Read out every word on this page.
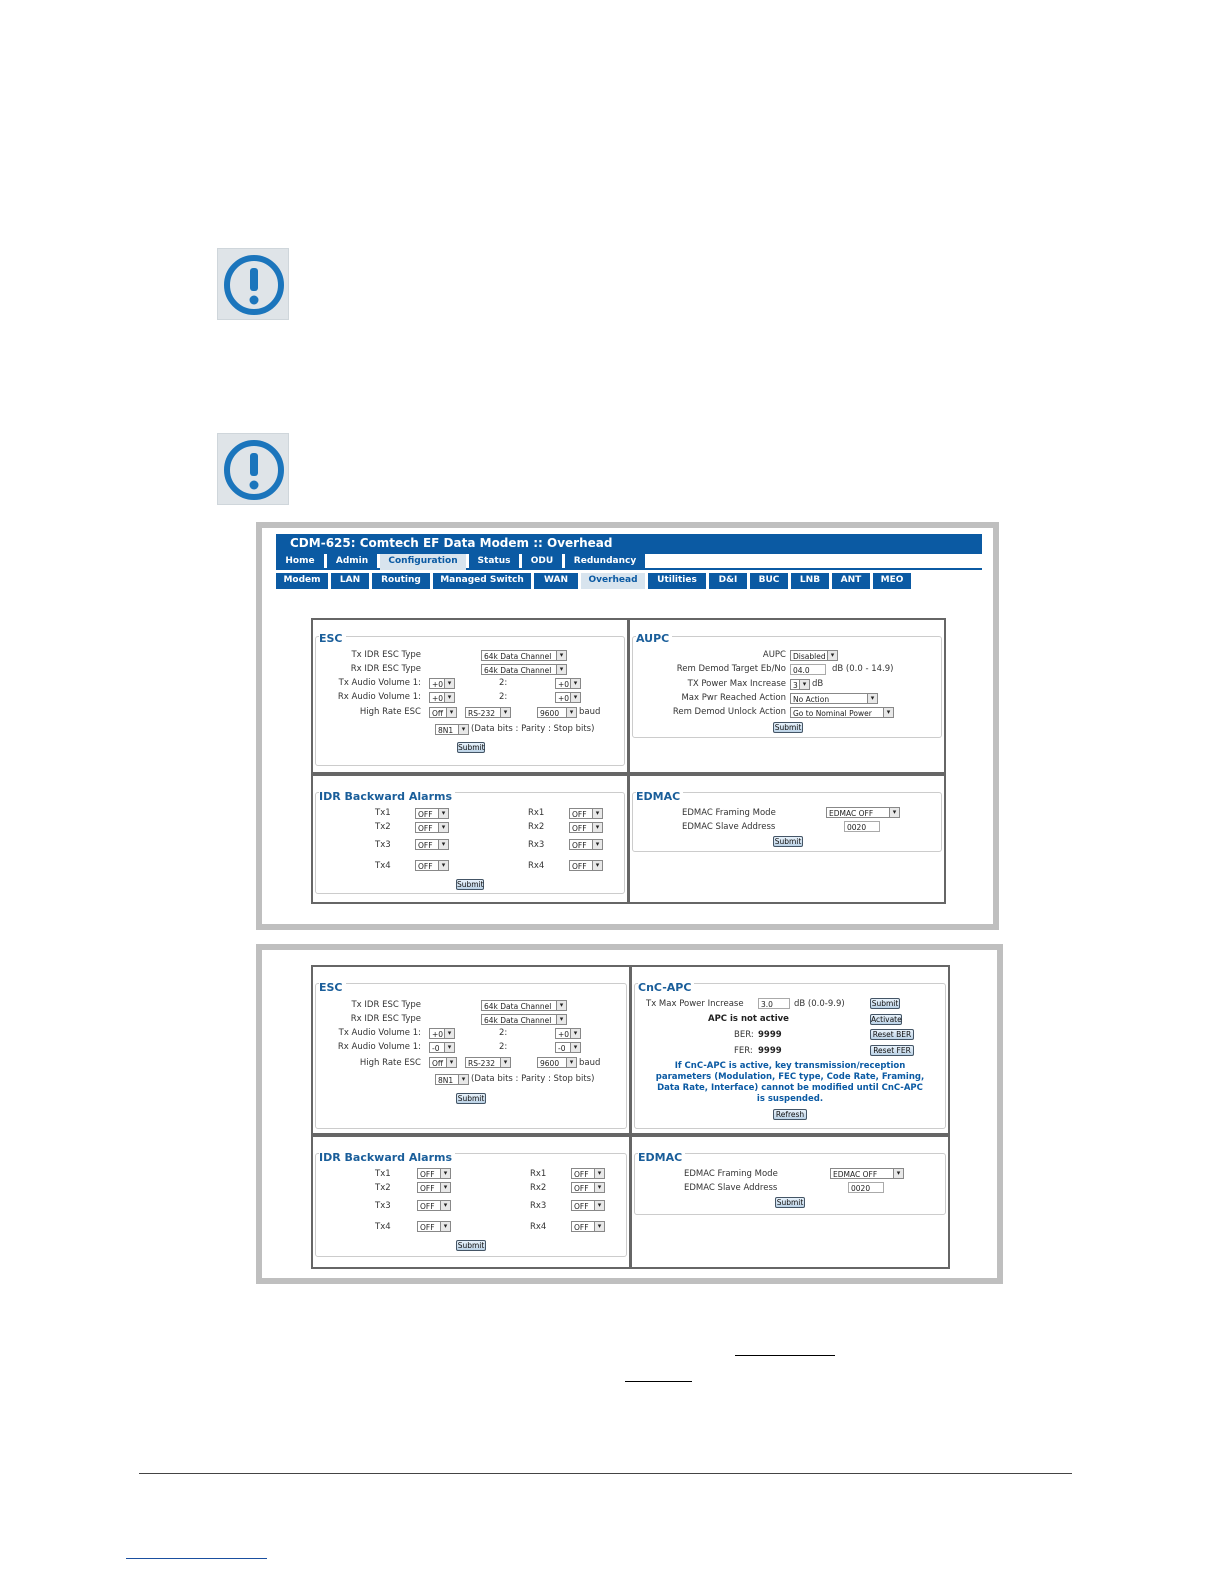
CDM-625: Comtech EF Data Modem :: Overhead
Home	Admin	Configuration	Status	ODU	Redundancy
Modem	LAN	Routing	Managed Switch	WAN	Overhead	Utilities	D&I	BUC	LNB	ANT	MEO
ESC
Tx IDR ESC Type	64k Data Channel ▾
Rx IDR ESC Type	64k Data Channel ▾
Tx Audio Volume 1:	+0 ▾	2:	+0 ▾
Rx Audio Volume 1:	+0 ▾	2:	+0 ▾
High Rate ESC	Off ▾	RS-232 ▾	9600 ▾	baud
8N1 ▾	(Data bits : Parity : Stop bits)
Submit
AUPC
AUPC Disabled ▾
Rem Demod Target Eb/No 04.0	dB (0.0 - 14.9)
TX Power Max Increase 3 ▾	dB
Max Pwr Reached Action No Action ▾
Rem Demod Unlock Action Go to Nominal Power ▾
Submit
IDR Backward Alarms
Tx1	OFF ▾	Rx1	OFF ▾
Tx2	OFF ▾	Rx2	OFF ▾
Tx3	OFF ▾	Rx3	OFF ▾
Tx4	OFF ▾	Rx4	OFF ▾
Submit
EDMAC
EDMAC Framing Mode	EDMAC OFF ▾
EDMAC Slave Address	0020
Submit
ESC
Tx IDR ESC Type	64k Data Channel ▾
Rx IDR ESC Type	64k Data Channel ▾
Tx Audio Volume 1:	+0 ▾	2:	+0 ▾
Rx Audio Volume 1:	-0 ▾	2:	-0 ▾
High Rate ESC	Off ▾	RS-232 ▾	9600 ▾	baud
8N1 ▾	(Data bits : Parity : Stop bits)
Submit
CnC-APC
Tx Max Power Increase	3.0	dB (0.0-9.9)	Submit
APC is not active	Activate
BER: 9999	Reset BER
FER: 9999	Reset FER
If CnC-APC is active, key transmission/reception
parameters (Modulation, FEC type, Code Rate, Framing,
Data Rate, Interface) cannot be modified until CnC-APC
is suspended.
Refresh
IDR Backward Alarms
Tx1	OFF ▾	Rx1	OFF ▾
Tx2	OFF ▾	Rx2	OFF ▾
Tx3	OFF ▾	Rx3	OFF ▾
Tx4	OFF ▾	Rx4	OFF ▾
Submit
EDMAC
EDMAC Framing Mode	EDMAC OFF ▾
EDMAC Slave Address	0020
Submit
